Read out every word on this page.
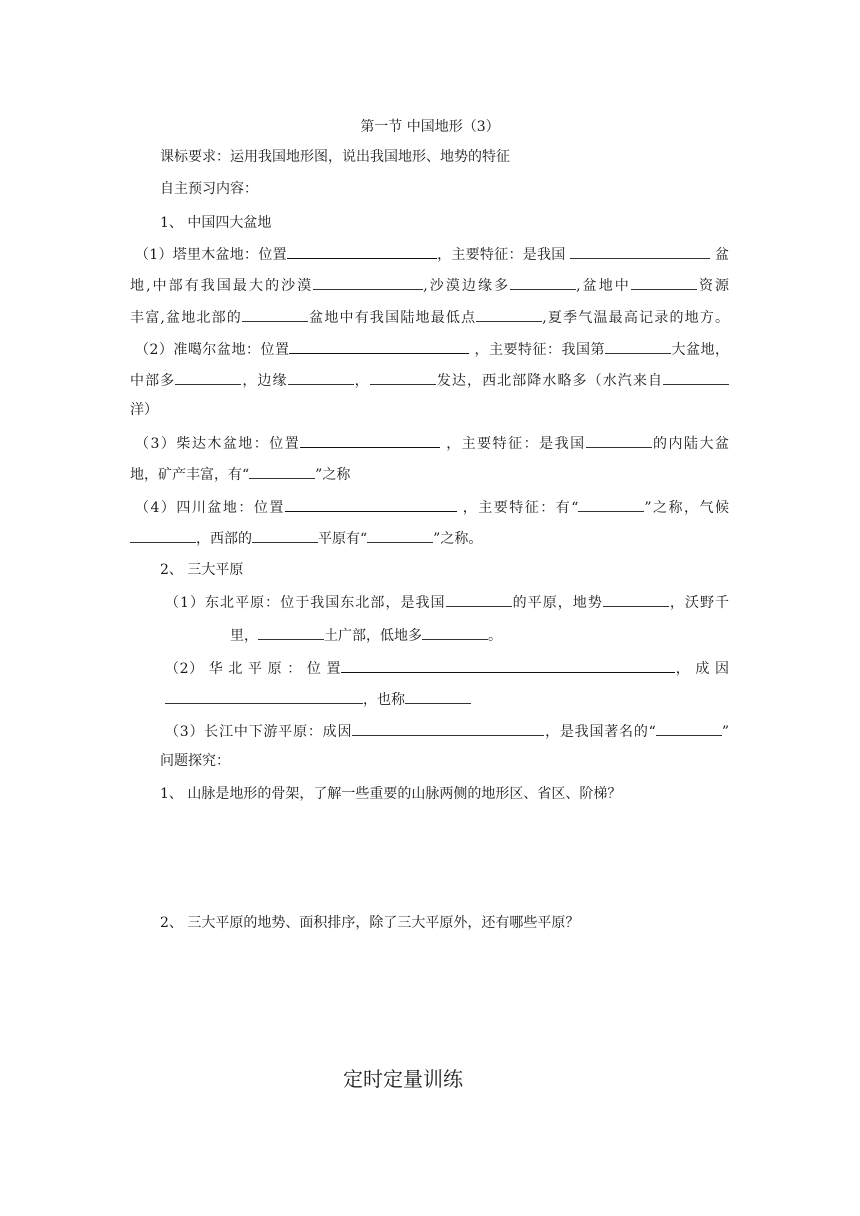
第一节 中国地形（3）
课标要求：运用我国地形图，说出我国地形、地势的特征
自主预习内容：
1、 中国四大盆地
（1）塔里木盆地：位置	，主要特征：是我国	盆
地,中部有我国最大的沙漠	,沙漠边缘多	,盆地中	资源
丰富,盆地北部的	盆地中有我国陆地最低点	,夏季气温最高记录的地方。
（2）准噶尔盆地：位置	，主要特征：我国第	大盆地，
中部多	，边缘	，	发达，西北部降水略多（水汽来自
洋）
（3）柴达木盆地：位置	，主要特征：是我国	的内陆大盆
地，矿产丰富，有“	”之称
（4）四川盆地：位置	，主要特征：有“	”之称，气候
，西部的	平原有“	”之称。
2、 三大平原
（1）东北平原：位于我国东北部，是我国	的平原，地势	，沃野千
里，	土广部，低地多	。
（2） 华 北 平 原 ： 位 置	， 成 因
，也称
（3）长江中下游平原：成因	，是我国著名的“	”
问题探究：
1、 山脉是地形的骨架，了解一些重要的山脉两侧的地形区、省区、阶梯？
2、 三大平原的地势、面积排序，除了三大平原外，还有哪些平原？
定时定量训练
